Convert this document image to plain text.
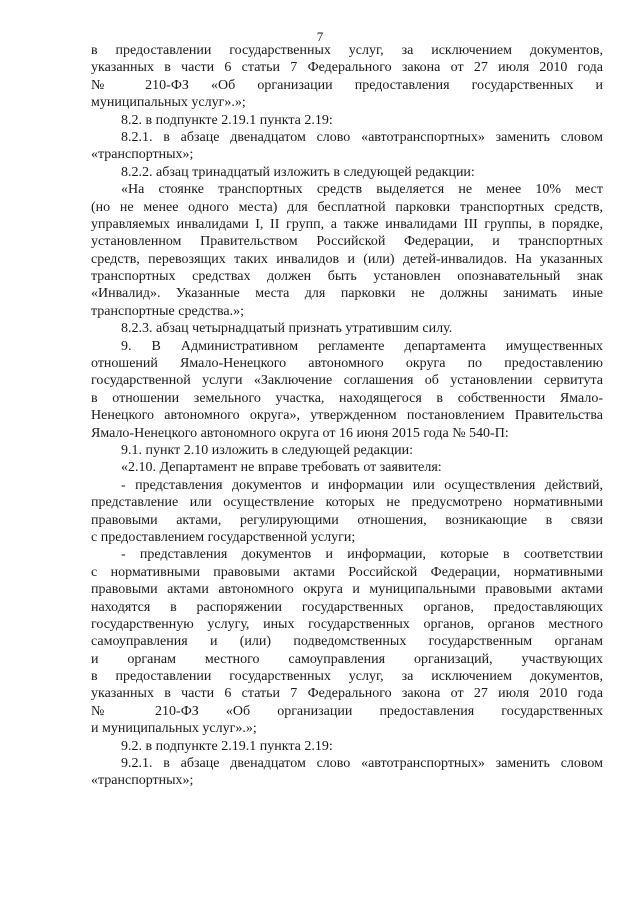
7
в предоставлении государственных услуг, за исключением документов,
указанных в части 6 статьи 7 Федерального закона от 27 июля 2010 года
№ 210-ФЗ «Об организации предоставления государственных и
муниципальных услуг».»;
8.2. в подпункте 2.19.1 пункта 2.19:
8.2.1. в абзаце двенадцатом слово «автотранспортных» заменить словом
«транспортных»;
8.2.2. абзац тринадцатый изложить в следующей редакции:
«На стоянке транспортных средств выделяется не менее 10% мест
(но не менее одного места) для бесплатной парковки транспортных средств,
управляемых инвалидами I, II групп, а также инвалидами III группы, в порядке,
установленном Правительством Российской Федерации, и транспортных
средств, перевозящих таких инвалидов и (или) детей-инвалидов. На указанных
транспортных средствах должен быть установлен опознавательный знак
«Инвалид». Указанные места для парковки не должны занимать иные
транспортные средства.»;
8.2.3. абзац четырнадцатый признать утратившим силу.
9. В Административном регламенте департамента имущественных
отношений Ямало-Ненецкого автономного округа по предоставлению
государственной услуги «Заключение соглашения об установлении сервитута
в отношении земельного участка, находящегося в собственности Ямало-
Ненецкого автономного округа», утвержденном постановлением Правительства
Ямало-Ненецкого автономного округа от 16 июня 2015 года № 540-П:
9.1. пункт 2.10 изложить в следующей редакции:
«2.10. Департамент не вправе требовать от заявителя:
- представления документов и информации или осуществления действий,
представление или осуществление которых не предусмотрено нормативными
правовыми актами, регулирующими отношения, возникающие в связи
с предоставлением государственной услуги;
- представления документов и информации, которые в соответствии
с нормативными правовыми актами Российской Федерации, нормативными
правовыми актами автономного округа и муниципальными правовыми актами
находятся в распоряжении государственных органов, предоставляющих
государственную услугу, иных государственных органов, органов местного
самоуправления и (или) подведомственных государственным органам
и органам местного самоуправления организаций, участвующих
в предоставлении государственных услуг, за исключением документов,
указанных в части 6 статьи 7 Федерального закона от 27 июля 2010 года
№ 210-ФЗ «Об организации предоставления государственных
и муниципальных услуг».»;
9.2. в подпункте 2.19.1 пункта 2.19:
9.2.1. в абзаце двенадцатом слово «автотранспортных» заменить словом
«транспортных»;
